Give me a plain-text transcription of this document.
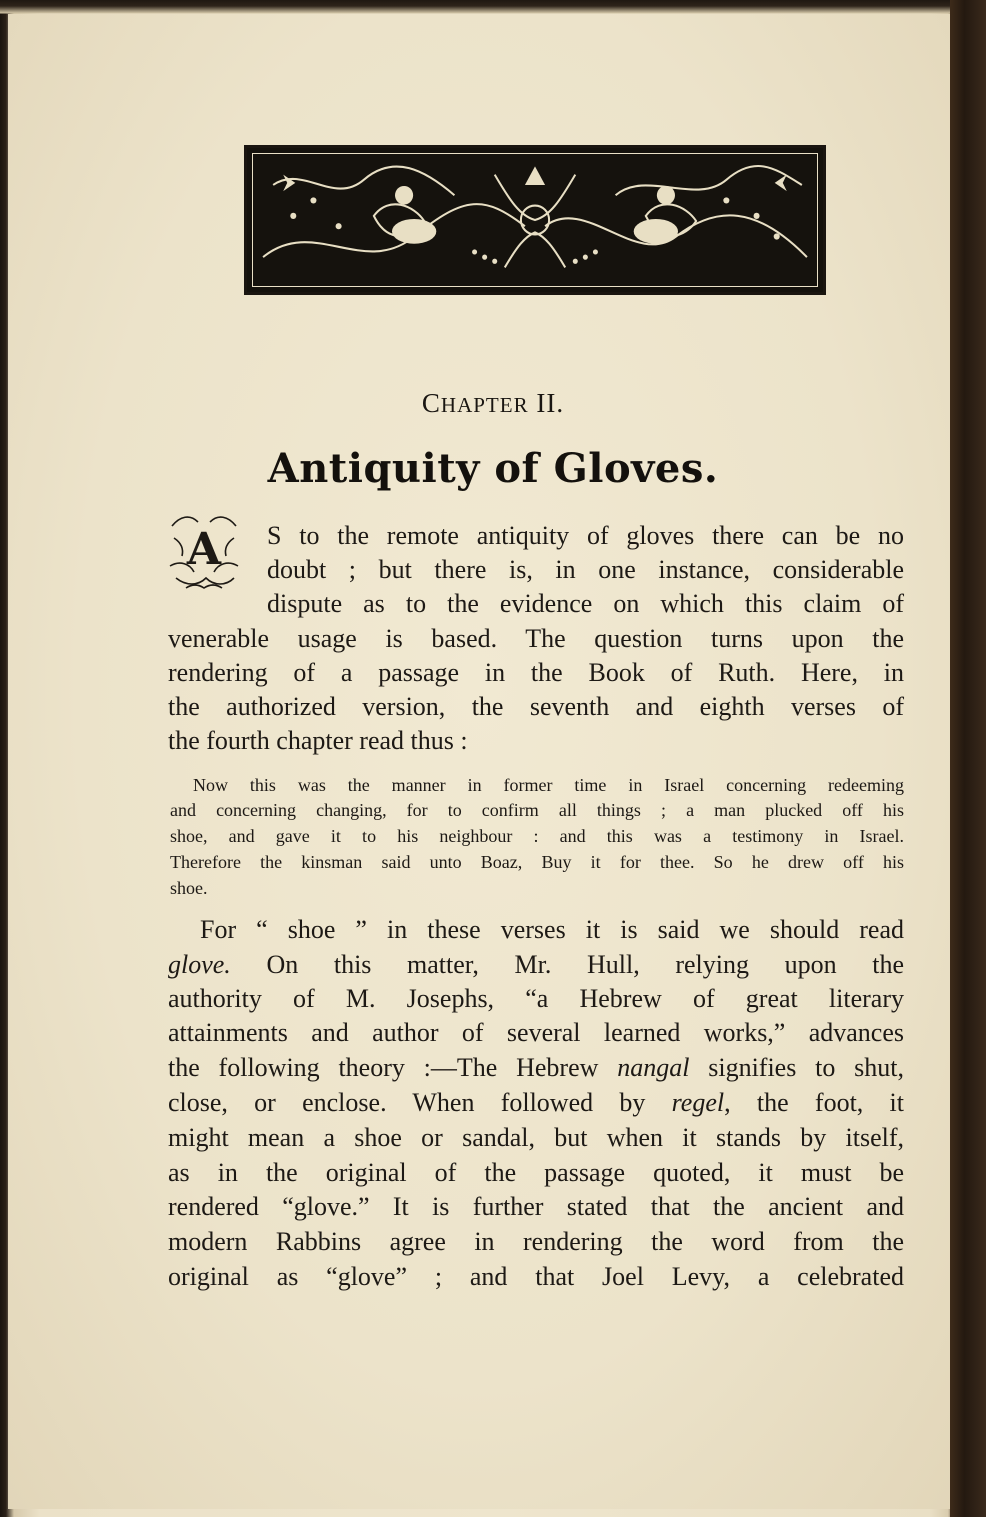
CHAPTER II.
Antiquity of Gloves.
A S to the remote antiquity of gloves there can be no
doubt ; but there is, in one instance, considerable
dispute as to the evidence on which this claim of
venerable usage is based. The question turns upon the
rendering of a passage in the Book of Ruth. Here, in
the authorized version, the seventh and eighth verses of
the fourth chapter read thus :
Now this was the manner in former time in Israel concerning redeeming
and concerning changing, for to confirm all things ; a man plucked off his
shoe, and gave it to his neighbour : and this was a testimony in Israel.
Therefore the kinsman said unto Boaz, Buy it for thee. So he drew off his
shoe.
For “ shoe ” in these verses it is said we should read
glove. On this matter, Mr. Hull, relying upon the
authority of M. Josephs, “a Hebrew of great literary
attainments and author of several learned works,” advances
the following theory :—The Hebrew nangal signifies to shut,
close, or enclose. When followed by regel, the foot, it
might mean a shoe or sandal, but when it stands by itself,
as in the original of the passage quoted, it must be
rendered “glove.” It is further stated that the ancient and
modern Rabbins agree in rendering the word from the
original as “glove” ; and that Joel Levy, a celebrated
